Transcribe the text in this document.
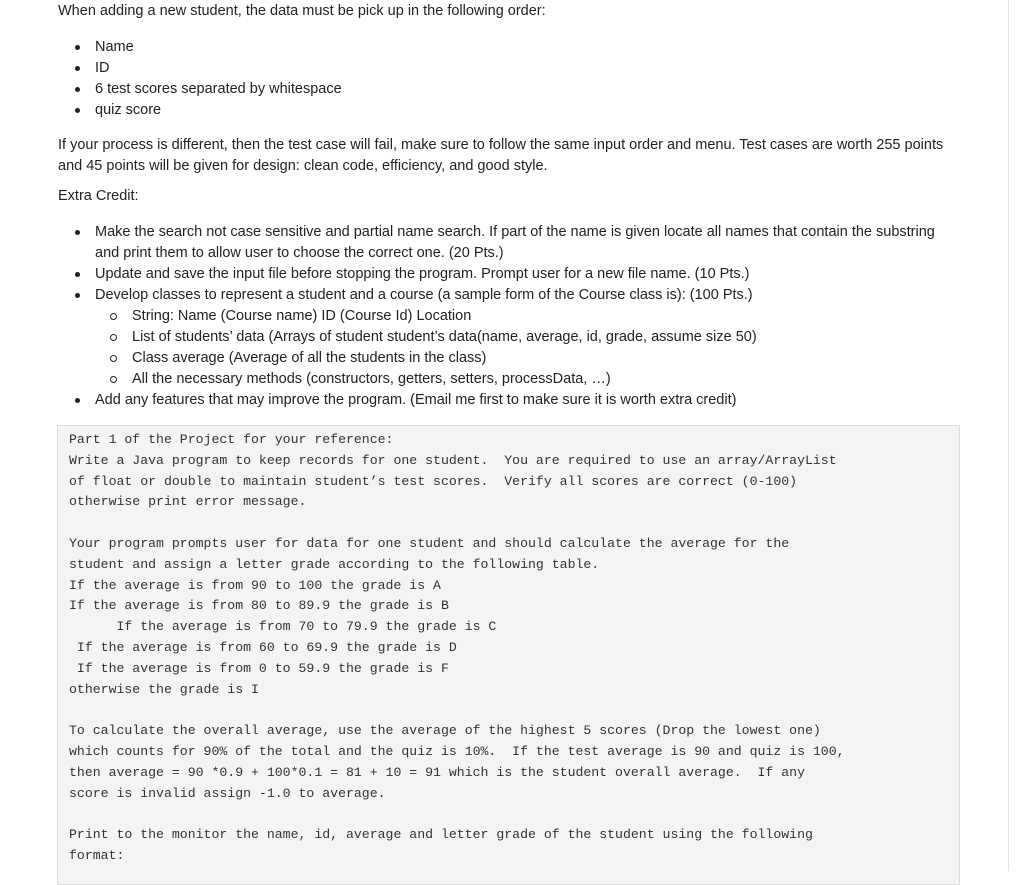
When adding a new student, the data must be pick up in the following order:

Name
ID
6 test scores separated by whitespace
quiz score

If your process is different, then the test case will fail, make sure to follow the same input order and menu. Test cases are worth 255 points and 45 points will be given for design: clean code, efficiency, and good style.

Extra Credit:

Make the search not case sensitive and partial name search. If part of the name is given locate all names that contain the substring and print them to allow user to choose the correct one. (20 Pts.)
Update and save the input file before stopping the program. Prompt user for a new file name. (10 Pts.)
Develop classes to represent a student and a course (a sample form of the Course class is): (100 Pts.)
String: Name (Course name) ID (Course Id) Location
List of students’ data (Arrays of student student’s data(name, average, id, grade, assume size 50)
Class average (Average of all the students in the class)
All the necessary methods (constructors, getters, setters, processData, …)
Add any features that may improve the program. (Email me first to make sure it is worth extra credit)
Part 1 of the Project for your reference:
Write a Java program to keep records for one student.  You are required to use an array/ArrayList
of float or double to maintain student’s test scores.  Verify all scores are correct (0-100)
otherwise print error message.

Your program prompts user for data for one student and should calculate the average for the
student and assign a letter grade according to the following table.
If the average is from 90 to 100 the grade is A
If the average is from 80 to 89.9 the grade is B
If the average is from 70 to 79.9 the grade is C
If the average is from 60 to 69.9 the grade is D
If the average is from 0 to 59.9 the grade is F
otherwise the grade is I

To calculate the overall average, use the average of the highest 5 scores (Drop the lowest one)
which counts for 90% of the total and the quiz is 10%.  If the test average is 90 and quiz is 100,
then average = 90 *0.9 + 100*0.1 = 81 + 10 = 91 which is the student overall average.  If any
score is invalid assign -1.0 to average.

Print to the monitor the name, id, average and letter grade of the student using the following
format:
